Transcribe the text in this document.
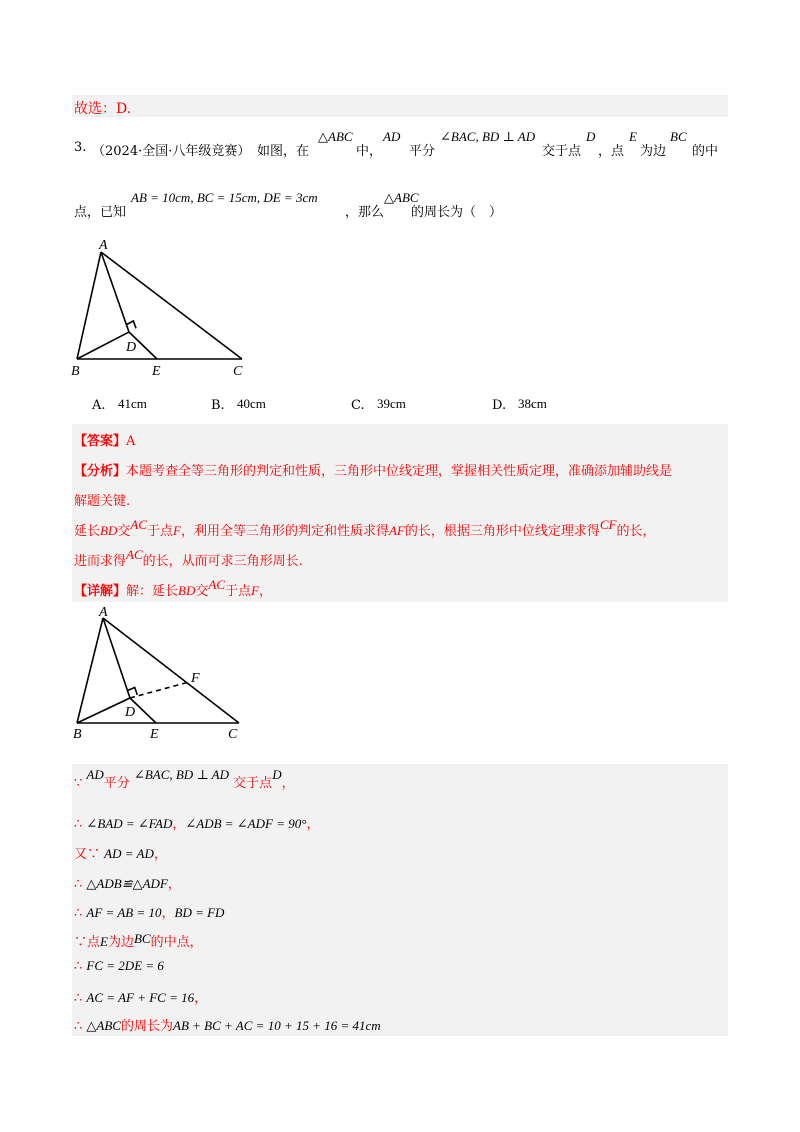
故选：D.
3. （2024·全国·八年级竞赛） 如图，在
△ABC
中，
AD
平分
∠BAC, BD ⊥ AD
交于点
D
，点
E
为边
BC
的中
点，已知
AB = 10cm, BC = 15cm, DE = 3cm
，那么
△ABC
的周长为（　）
A
B	C
D
E
A. 41cm	B. 40cm	C. 39cm	D. 38cm
【答案】A
【分析】本题考查全等三角形的判定和性质，三角形中位线定理，掌握相关性质定理，准确添加辅助线是
解题关键.
延长BD交AC于点F，利用全等三角形的判定和性质求得AF的长，根据三角形中位线定理求得CF的长，
进而求得AC的长，从而可求三角形周长.
【详解】解：延长BD交AC于点F，
A
B	C
D
E
F
∵ AD平分 ∠BAC, BD ⊥ AD 交于点D，
∴ ∠BAD = ∠FAD，∠ADB = ∠ADF = 90°，
又∵ AD = AD，
∴ △ADB≌△ADF，
∴ AF = AB = 10，BD = FD
∵点E为边BC的中点，
∴ FC = 2DE = 6
∴ AC = AF + FC = 16，
∴ △ABC的周长为AB + BC + AC = 10 + 15 + 16 = 41cm
